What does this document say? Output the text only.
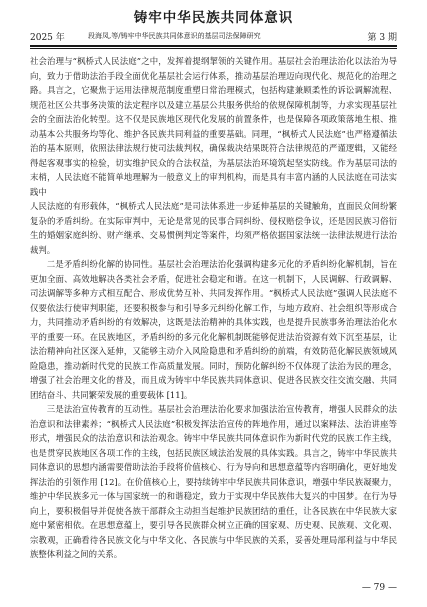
铸牢中华民族共同体意识
2025 年	段海凤,等/铸牢中华民族共同体意识的基层司法保障研究	第 3 期

社会治理与“枫桥式人民法庭”之中，发挥着提纲挈领的关键作用。基层社会治理法治化以法治为导向，致力于借助法治手段全面优化基层社会运行体系，推动基层治理迈向现代化、规范化的治理之路。具言之，它聚焦于运用法律规范制度重塑日常治理模式，包括构建兼顾柔性的诉讼调解流程、规范社区公共事务决策的法定程序以及建立基层公共服务供给的依规保障机制等，力求实现基层社会的全面法治化转型。这不仅是民族地区现代化发展的前置条件，也是保障各项政策落地生根、推动基本公共服务均等化、维护各民族共同利益的重要基础。同理，“枫桥式人民法庭”也严格遵循法治的基本原则，依照法律法规行使司法裁判权，确保裁决结果既符合法律规范的严谨逻辑，又能经得起客观事实的检验，切实维护民众的合法权益，为基层法治环境筑起坚实防线。作为基层司法的末梢，人民法庭不能简单地理解为一般意义上的审判机构，而是具有丰富内涵的人民法庭在司法实践中

人民法庭的有形载体，“枫桥式人民法庭”是司法体系进一步延伸基层的关键触角，直面民众间纷繁复杂的矛盾纠纷。在实际审判中，无论是常见的民事合同纠纷、侵权赔偿争议，还是因民族习俗衍生的婚姻家庭纠纷、财产继承、交易惯例判定等案件，均须严格依据国家法统一法律法规进行法治裁判。

二是矛盾纠纷化解的协同性。基层社会治理法治化强调构建多元化的矛盾纠纷化解机制，旨在更加全面、高效地解决各类社会矛盾，促进社会稳定和谐。在这一机制下，人民调解、行政调解、司法调解等多种方式相互配合、形成优势互补、共同发挥作用。“枫桥式人民法庭”强调人民法庭不仅要依法行使审判职能，还要积极参与和引导多元纠纷化解工作，与地方政府、社会组织等形成合力，共同推动矛盾纠纷的有效解决，这既是法治精神的具体实践，也是提升民族事务治理法治化水平的重要一环。在民族地区，矛盾纠纷的多元化化解机制既能够促进法治资源有效下沉至基层，让法治精神向社区深入延伸，又能够主动介入风险隐患和矛盾纠纷的前端，有效防范化解民族领域风险隐患，推动新时代党的民族工作高质量发展。同时，预防化解纠纷不仅体现了法治为民的理念，增强了社会治理文化的普及，而且成为铸牢中华民族共同体意识、促进各民族交往交流交融、共同团结奋斗、共同繁荣发展的重要载体 [11]。

三是法治宣传教育的互动性。基层社会治理法治化要求加强法治宣传教育，增强人民群众的法治意识和法律素养；“枫桥式人民法庭”积极发挥法治宣传的阵地作用，通过以案释法、法治讲座等形式，增强民众的法治意识和法治观念。铸牢中华民族共同体意识作为新时代党的民族工作主线，也是贯穿民族地区各项工作的主线，包括民族区域法治发展的具体实践。具言之，铸牢中华民族共同体意识的思想内涵需要借助法治手段将价值核心、行为导向和思想意蕴等内容明确化，更好地发挥法治的引领作用 [12]。在价值核心上，要持续铸牢中华民族共同体意识，增强中华民族凝聚力，维护中华民族多元一体与国家统一的和谐稳定，致力于实现中华民族伟大复兴的中国梦。在行为导向上，要积极倡导并促使各族干部群众主动担当起维护民族团结的重任，让各民族在中华民族大家庭中紧密相依。在思想意蕴上，要引导各民族群众树立正确的国家观、历史观、民族观、文化观、宗教观，正确看待各民族文化与中华文化、各民族与中华民族的关系，妥善处理局部利益与中华民族整体利益之间的关系。

— 79 —
